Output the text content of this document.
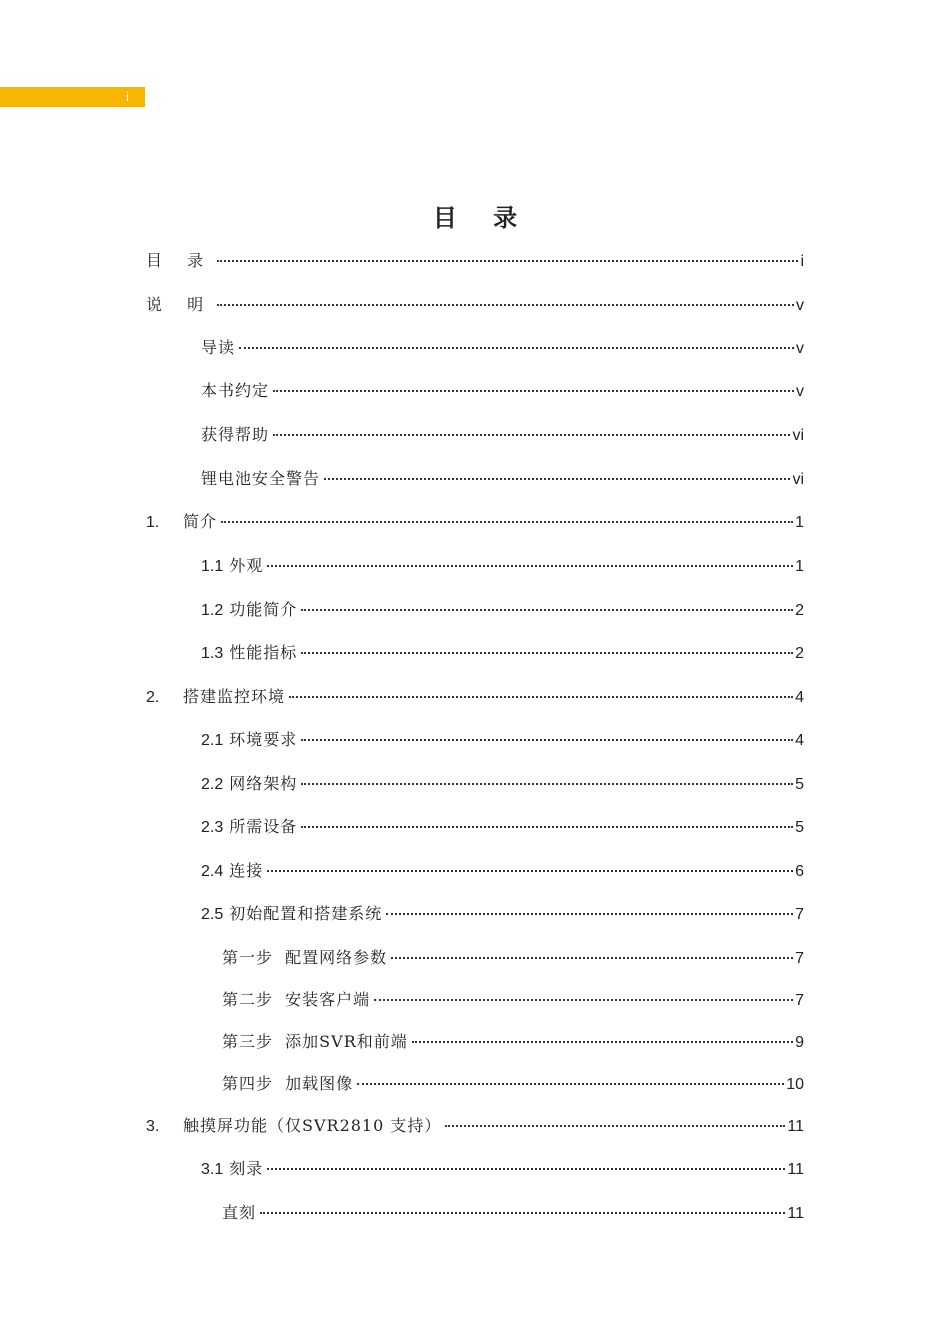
i
目 录
目 录	i
说 明	v
导读	v
本书约定	v
获得帮助	vi
锂电池安全警告	vi
1.	简介	1
1.1 外观	1
1.2 功能简介	2
1.3 性能指标	2
2.	搭建监控环境	4
2.1 环境要求	4
2.2 网络架构	5
2.3 所需设备	5
2.4 连接	6
2.5 初始配置和搭建系统	7
第一步  配置网络参数	7
第二步  安装客户端	7
第三步  添加SVR和前端	9
第四步  加载图像	10
3.	触摸屏功能（仅SVR2810 支持）	11
3.1 刻录	11
直刻	11
